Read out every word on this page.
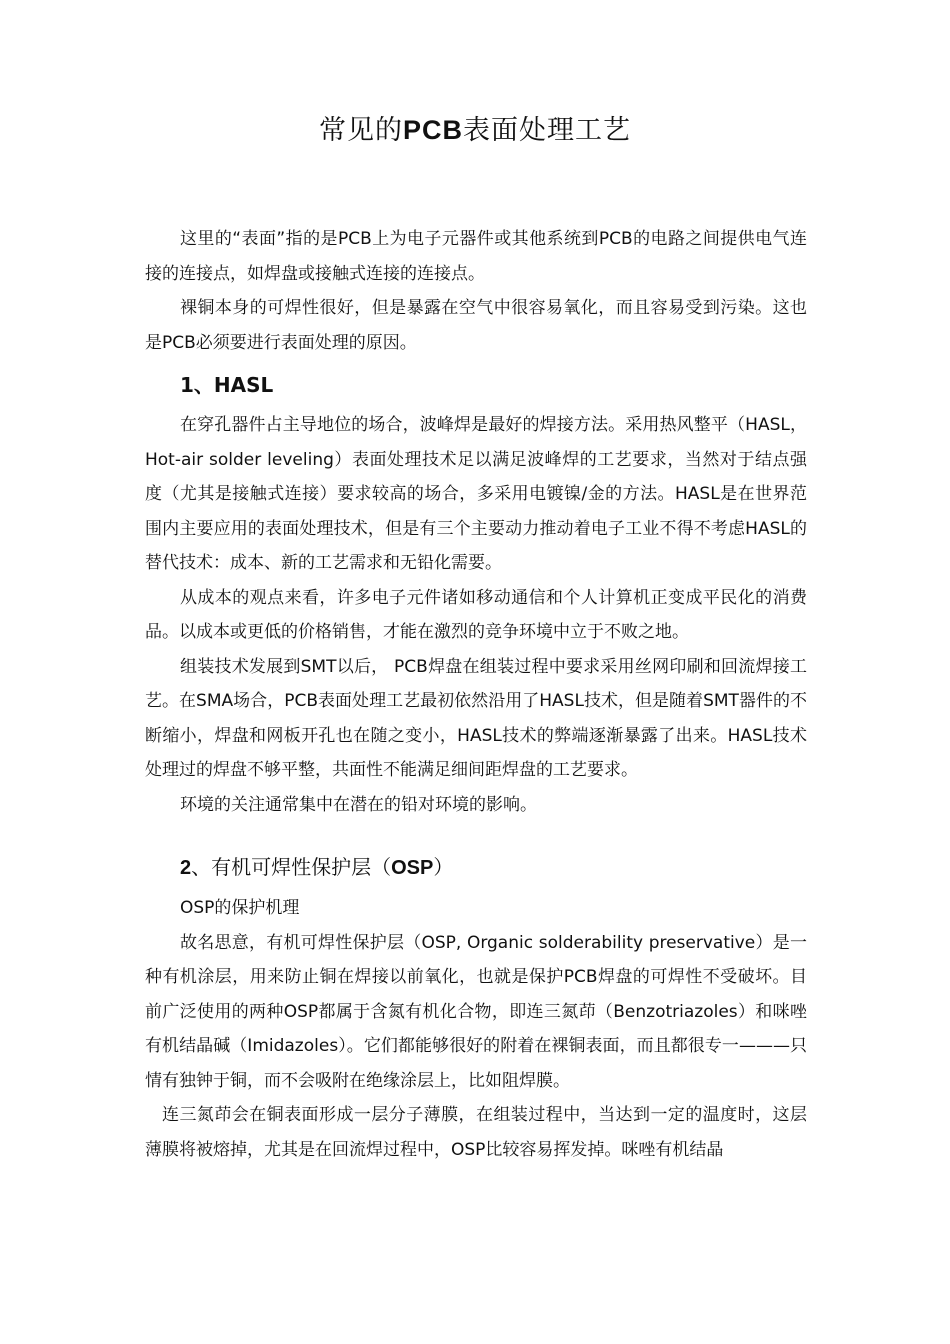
常见的PCB表面处理工艺

这里的“表面”指的是PCB上为电子元器件或其他系统到PCB的电路之间提供电气连接的连接点，如焊盘或接触式连接的连接点。

裸铜本身的可焊性很好，但是暴露在空气中很容易氧化，而且容易受到污染。这也是PCB必须要进行表面处理的原因。

1、HASL

在穿孔器件占主导地位的场合，波峰焊是最好的焊接方法。采用热风整平（HASL， Hot-air solder leveling）表面处理技术足以满足波峰焊的工艺要求，当然对于结点强度（尤其是接触式连接）要求较高的场合，多采用电镀镍/金的方法。HASL是在世界范围内主要应用的表面处理技术，但是有三个主要动力推动着电子工业不得不考虑HASL的替代技术：成本、新的工艺需求和无铅化需要。

从成本的观点来看，许多电子元件诸如移动通信和个人计算机正变成平民化的消费品。以成本或更低的价格销售，才能在激烈的竞争环境中立于不败之地。

组装技术发展到SMT以后， PCB焊盘在组装过程中要求采用丝网印刷和回流焊接工艺。在SMA场合，PCB表面处理工艺最初依然沿用了HASL技术，但是随着SMT器件的不断缩小，焊盘和网板开孔也在随之变小，HASL技术的弊端逐渐暴露了出来。HASL技术处理过的焊盘不够平整，共面性不能满足细间距焊盘的工艺要求。

环境的关注通常集中在潜在的铅对环境的影响。

2、有机可焊性保护层（OSP）
OSP的保护机理

故名思意，有机可焊性保护层（OSP, Organic solderability preservative）是一种有机涂层，用来防止铜在焊接以前氧化，也就是保护PCB焊盘的可焊性不受破坏。目前广泛使用的两种OSP都属于含氮有机化合物，即连三氮茚（Benzotriazoles）和咪唑有机结晶碱（Imidazoles）。它们都能够很好的附着在裸铜表面，而且都很专一———只情有独钟于铜，而不会吸附在绝缘涂层上，比如阻焊膜。

连三氮茚会在铜表面形成一层分子薄膜，在组装过程中，当达到一定的温度时，这层薄膜将被熔掉，尤其是在回流焊过程中，OSP比较容易挥发掉。咪唑有机结晶
